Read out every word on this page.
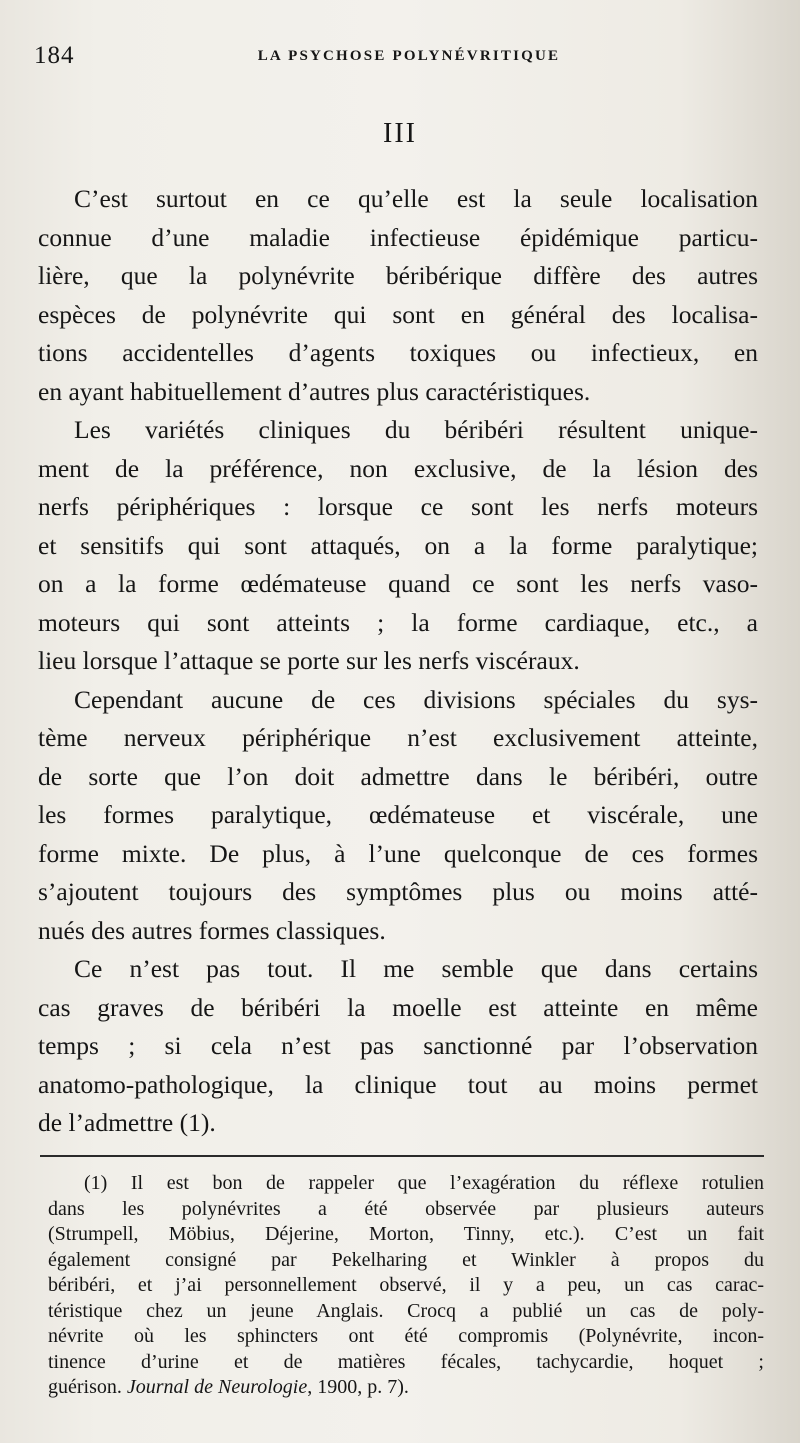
184	LA PSYCHOSE POLYNÉVRITIQUE
III
C’est surtout en ce qu’elle est la seule localisation
connue d’une maladie infectieuse épidémique particu-
lière, que la polynévrite béribérique diffère des autres
espèces de polynévrite qui sont en général des localisa-
tions accidentelles d’agents toxiques ou infectieux, en
en ayant habituellement d’autres plus caractéristiques.
Les variétés cliniques du béribéri résultent unique-
ment de la préférence, non exclusive, de la lésion des
nerfs périphériques : lorsque ce sont les nerfs moteurs
et sensitifs qui sont attaqués, on a la forme paralytique;
on a la forme œdémateuse quand ce sont les nerfs vaso-
moteurs qui sont atteints ; la forme cardiaque, etc., a
lieu lorsque l’attaque se porte sur les nerfs viscéraux.
Cependant aucune de ces divisions spéciales du sys-
tème nerveux périphérique n’est exclusivement atteinte,
de sorte que l’on doit admettre dans le béribéri, outre
les formes paralytique, œdémateuse et viscérale, une
forme mixte. De plus, à l’une quelconque de ces formes
s’ajoutent toujours des symptômes plus ou moins atté-
nués des autres formes classiques.
Ce n’est pas tout. Il me semble que dans certains
cas graves de béribéri la moelle est atteinte en même
temps ; si cela n’est pas sanctionné par l’observation
anatomo-pathologique, la clinique tout au moins permet
de l’admettre (1).
(1) Il est bon de rappeler que l’exagération du réflexe rotulien
dans les polynévrites a été observée par plusieurs auteurs
(Strumpell, Möbius, Déjerine, Morton, Tinny, etc.). C’est un fait
également consigné par Pekelharing et Winkler à propos du
béribéri, et j’ai personnellement observé, il y a peu, un cas carac-
téristique chez un jeune Anglais. Crocq a publié un cas de poly-
névrite où les sphincters ont été compromis (Polynévrite, incon-
tinence d’urine et de matières fécales, tachycardie, hoquet ;
guérison. Journal de Neurologie, 1900, p. 7).
